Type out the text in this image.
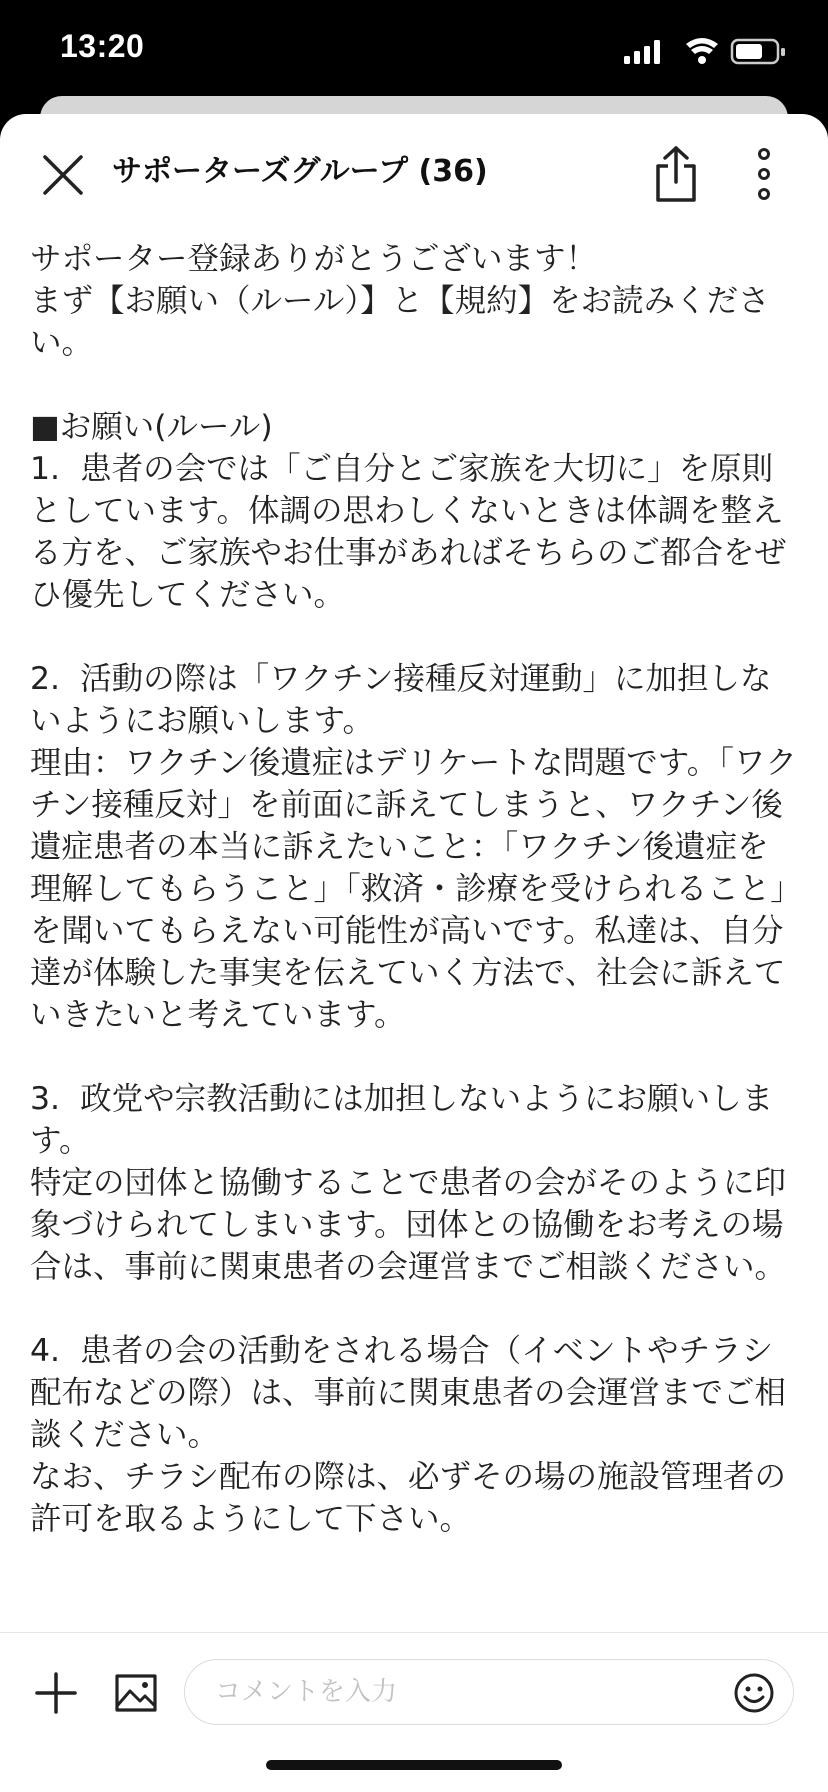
13:20
サポーターズグループ (36)
サポーター登録ありがとうございます！
まず【お願い（ルール）】と【規約】をお読みください。

■お願い(ルール)
1.  患者の会では「ご自分とご家族を大切に」を原則としています。体調の思わしくないときは体調を整える方を、ご家族やお仕事があればそちらのご都合をぜひ優先してください。

2.  活動の際は「ワクチン接種反対運動」に加担しないようにお願いします。
理由：ワクチン後遺症はデリケートな問題です。「ワクチン接種反対」を前面に訴えてしまうと、ワクチン後遺症患者の本当に訴えたいこと：「ワクチン後遺症を理解してもらうこと」「救済・診療を受けられること」を聞いてもらえない可能性が高いです。私達は、自分達が体験した事実を伝えていく方法で、社会に訴えていきたいと考えています。

3.  政党や宗教活動には加担しないようにお願いします。
特定の団体と協働することで患者の会がそのように印象づけられてしまいます。団体との協働をお考えの場合は、事前に関東患者の会運営までご相談ください。

4.  患者の会の活動をされる場合（イベントやチラシ配布などの際）は、事前に関東患者の会運営までご相談ください。
なお、チラシ配布の際は、必ずその場の施設管理者の許可を取るようにして下さい。
コメントを入力
